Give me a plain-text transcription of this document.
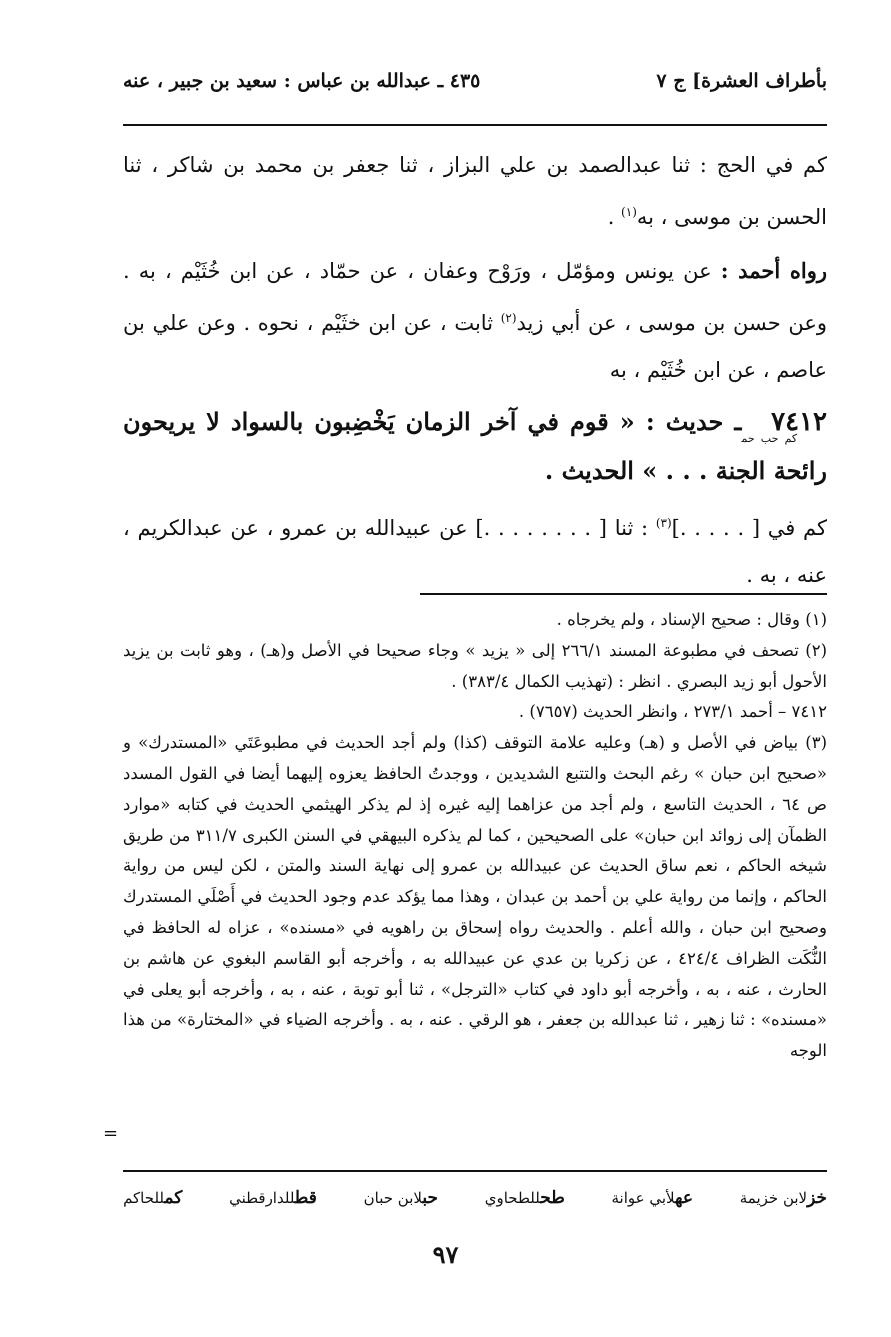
بأطراف العشرة] ج ٧
٤٣٥ ـ عبدالله بن عباس : سعيد بن جبير ، عنه

كم في الحج : ثنا عبدالصمد بن علي البزاز ، ثنا جعفر بن محمد بن شاكر ، ثنا الحسن بن موسى ، به$^{(١)}$ .

رواه أحمد : عن يونس ومؤمّل ، ورَوْح وعفان ، عن حمّاد ، عن ابن خُثَيْم ، به . وعن حسن بن موسى ، عن أبي زيد$^{(٢)}$ ثابت ، عن ابن خثَيْم ، نحوه . وعن علي بن عاصم ، عن ابن خُثَيْم ، به

$٧٤١٢_{كم حب حم}ـ$ حديث : « قوم في آخر الزمان يَخْضِبون بالسواد لا يريحون رائحة الجنة . . . » الحديث .

كم في [ . . . . .]$^{(٣)}$ : ثنا [ . . . . . . . .] عن عبيدالله بن عمرو ، عن عبدالكريم ، عنه ، به .

(١) وقال : صحيح الإسناد ، ولم يخرجاه .

(٢) تصحف في مطبوعة المسند ٢٦٦/١ إلى « يزيد » وجاء صحيحا في الأصل و(هـ) ، وهو ثابت بن يزيد الأحول أبو زيد البصري . انظر : (تهذيب الكمال ٣٨٣/٤) .

٧٤١٢ – أحمد ٢٧٣/١ ، وانظر الحديث (٧٦٥٧) .

(٣) بياض في الأصل و (هـ) وعليه علامة التوقف (كذا) ولم أجد الحديث في مطبوعَتَي «المستدرك» و «صحيح ابن حبان » رغم البحث والتتبع الشديدين ، ووجدتُ الحافظ يعزوه إليهما أيضا في القول المسدد ص ٦٤ ، الحديث التاسع ، ولم أجد من عزاهما إليه غيره إذ لم يذكر الهيثمي الحديث في كتابه «موارد الظمآن إلى زوائد ابن حبان» على الصحيحين ، كما لم يذكره البيهقي في السنن الكبرى ٣١١/٧ من طريق شيخه الحاكم ، نعم ساق الحديث عن عبيدالله بن عمرو إلى نهاية السند والمتن ، لكن ليس من رواية الحاكم ، وإنما من رواية علي بن أحمد بن عبدان ، وهذا مما يؤكد عدم وجود الحديث في أَصْلَي المستدرك وصحيح ابن حبان ، والله أعلم . والحديث رواه إسحاق بن راهويه في «مسنده» ، عزاه له الحافظ في النُّكَت الظراف ٤٢٤/٤ ، عن زكريا بن عدي عن عبيدالله به ، وأخرجه أبو القاسم البغوي عن هاشم بن الحارث ، عنه ، به ، وأخرجه أبو داود في كتاب «الترجل» ، ثنا أبو توبة ، عنه ، به ، وأخرجه أبو يعلى في «مسنده» : ثنا زهير ، ثنا عبدالله بن جعفر ، هو الرقي . عنه ، به . وأخرجه الضياء في «المختارة» من هذا الوجه

=
خزلابن خزيمة
عهلأبي عوانة
طحللطحاوي
حبلابن حبان
قطللدارقطني
كمللحاكم
٩٧
